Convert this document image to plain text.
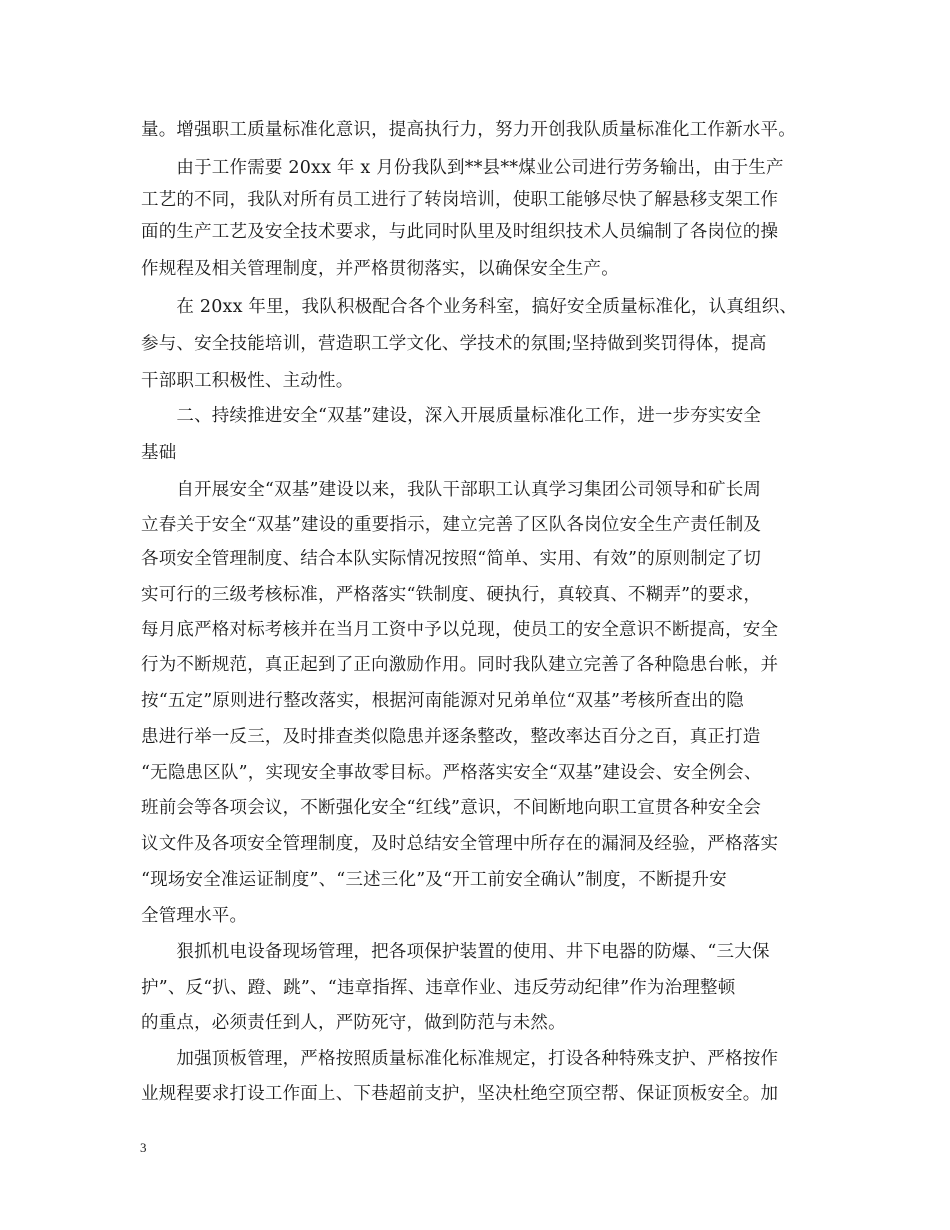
量。增强职工质量标准化意识，提高执行力，努力开创我队质量标准化工作新水平。
　　由于工作需要 20xx 年 x 月份我队到**县**煤业公司进行劳务输出，由于生产
工艺的不同，我队对所有员工进行了转岗培训，使职工能够尽快了解悬移支架工作
面的生产工艺及安全技术要求，与此同时队里及时组织技术人员编制了各岗位的操
作规程及相关管理制度，并严格贯彻落实，以确保安全生产。
　　在 20xx 年里，我队积极配合各个业务科室，搞好安全质量标准化，认真组织、
参与、安全技能培训，营造职工学文化、学技术的氛围;坚持做到奖罚得体，提高
干部职工积极性、主动性。
　　二、持续推进安全“双基”建设，深入开展质量标准化工作，进一步夯实安全
基础
　　自开展安全“双基”建设以来，我队干部职工认真学习集团公司领导和矿长周
立春关于安全“双基”建设的重要指示，建立完善了区队各岗位安全生产责任制及
各项安全管理制度、结合本队实际情况按照“简单、实用、有效”的原则制定了切
实可行的三级考核标准，严格落实“铁制度、硬执行，真较真、不糊弄”的要求，
每月底严格对标考核并在当月工资中予以兑现，使员工的安全意识不断提高，安全
行为不断规范，真正起到了正向激励作用。同时我队建立完善了各种隐患台帐，并
按“五定”原则进行整改落实，根据河南能源对兄弟单位“双基”考核所查出的隐
患进行举一反三，及时排查类似隐患并逐条整改，整改率达百分之百，真正打造
“无隐患区队”，实现安全事故零目标。严格落实安全“双基”建设会、安全例会、
班前会等各项会议，不断强化安全“红线”意识，不间断地向职工宣贯各种安全会
议文件及各项安全管理制度，及时总结安全管理中所存在的漏洞及经验，严格落实
“现场安全准运证制度”、“三述三化”及“开工前安全确认”制度，不断提升安
全管理水平。
　　狠抓机电设备现场管理，把各项保护装置的使用、井下电器的防爆、“三大保
护”、反“扒、蹬、跳”、“违章指挥、违章作业、违反劳动纪律”作为治理整顿
的重点，必须责任到人，严防死守，做到防范与未然。
　　加强顶板管理，严格按照质量标准化标准规定，打设各种特殊支护、严格按作
业规程要求打设工作面上、下巷超前支护，坚决杜绝空顶空帮、保证顶板安全。加
3
